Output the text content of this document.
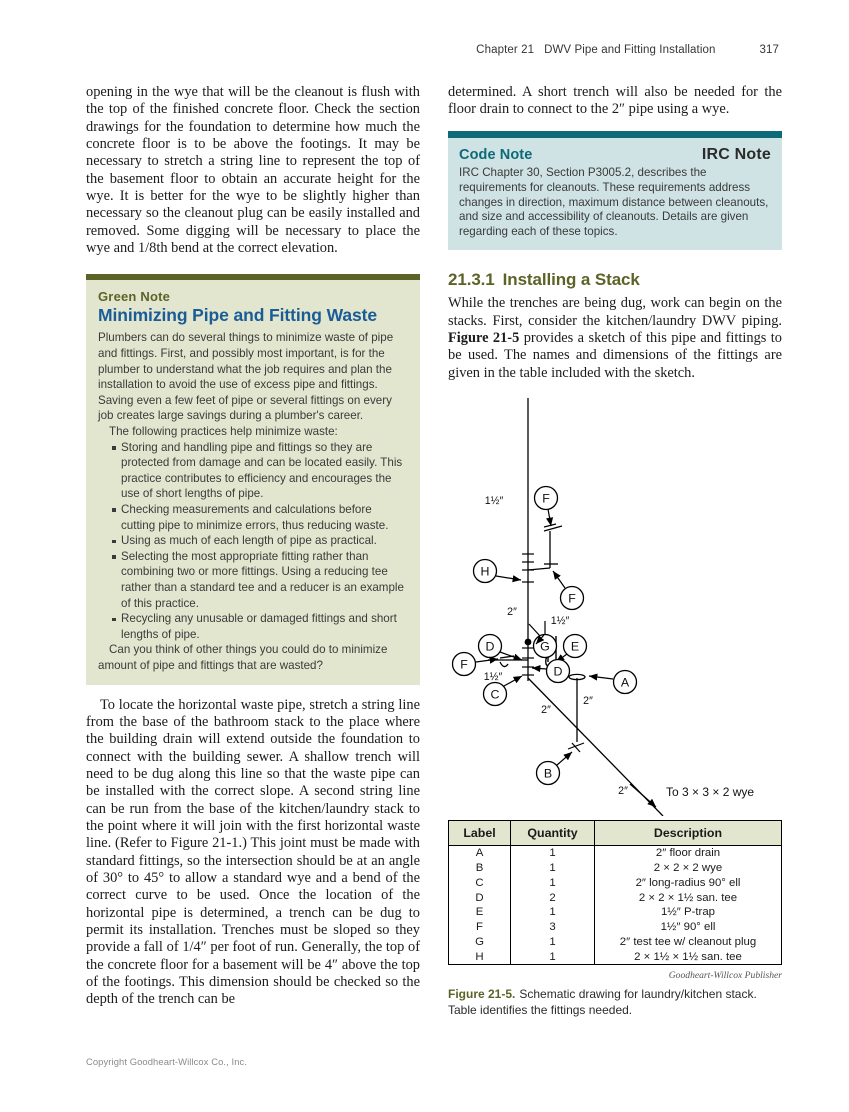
Chapter 21 DWV Pipe and Fitting Installation	317

opening in the wye that will be the cleanout is flush with the top of the finished concrete floor. Check the section drawings for the foundation to determine how much the concrete floor is to be above the footings. It may be necessary to stretch a string line to represent the top of the basement floor to obtain an accurate height for the wye. It is better for the wye to be slightly higher than necessary so the cleanout plug can be easily installed and removed. Some digging will be necessary to place the wye and 1/8th bend at the correct elevation.

Green Note
Minimizing Pipe and Fitting Waste

Plumbers can do several things to minimize waste of pipe and fittings. First, and possibly most important, is for the plumber to understand what the job requires and plan the installation to avoid the use of excess pipe and fittings. Saving even a few feet of pipe or several fittings on every job creates large savings during a plumber's career.

The following practices help minimize waste:

Storing and handling pipe and fittings so they are protected from damage and can be located easily. This practice contributes to efficiency and encourages the use of short lengths of pipe.
Checking measurements and calculations before cutting pipe to minimize errors, thus reducing waste.
Using as much of each length of pipe as practical.
Selecting the most appropriate fitting rather than combining two or more fittings. Using a reducing tee rather than a standard tee and a reducer is an example of this practice.
Recycling any unusable or damaged fittings and short lengths of pipe.

Can you think of other things you could do to minimize amount of pipe and fittings that are wasted?

To locate the horizontal waste pipe, stretch a string line from the base of the bathroom stack to the place where the building drain will extend outside the foundation to connect with the building sewer. A shallow trench will need to be dug along this line so that the waste pipe can be installed with the correct slope. A second string line can be run from the base of the kitchen/laundry stack to the point where it will join with the first horizontal waste line. (Refer to Figure 21-1.) This joint must be made with standard fittings, so the intersection should be at an angle of 30° to 45° to allow a standard wye and a bend of the correct curve to be used. Once the location of the horizontal pipe is determined, a trench can be dug to permit its installation. Trenches must be sloped so they provide a fall of 1/4″ per foot of run. Generally, the top of the concrete floor for a basement will be 4″ above the top of the footings. This dimension should be checked so the depth of the trench can be

determined. A short trench will also be needed for the floor drain to connect to the 2″ pipe using a wye.

Code Note	IRC Note

IRC Chapter 30, Section P3005.2, describes the requirements for cleanouts. These requirements address changes in direction, maximum distance between cleanouts, and size and accessibility of cleanouts. Details are given regarding each of these topics.

21.3.1 Installing a Stack

While the trenches are being dug, work can begin on the stacks. First, consider the kitchen/laundry DWV piping. Figure 21-5 provides a sketch of this pipe and fittings to be used. The names and dimensions of the fittings are given in the table included with the sketch.

F
H
F
G
D	E
F	D
A
C
B
1½″
2″
1½″
1½″
2″
2″
2″	To 3 × 3 × 2 wye
Label	Quantity	Description
A	1	2″ floor drain
B	1	2 × 2 × 2 wye
C	1	2″ long-radius 90° ell
D	2	2 × 2 × 1½ san. tee
E	1	1½″ P-trap
F	3	1½″ 90° ell
G	1	2″ test tee w/ cleanout plug
H	1	2 × 1½ × 1½ san. tee
Goodheart-Willcox Publisher
Figure 21-5. Schematic drawing for laundry/kitchen stack. Table identifies the fittings needed.
Copyright Goodheart-Willcox Co., Inc.
